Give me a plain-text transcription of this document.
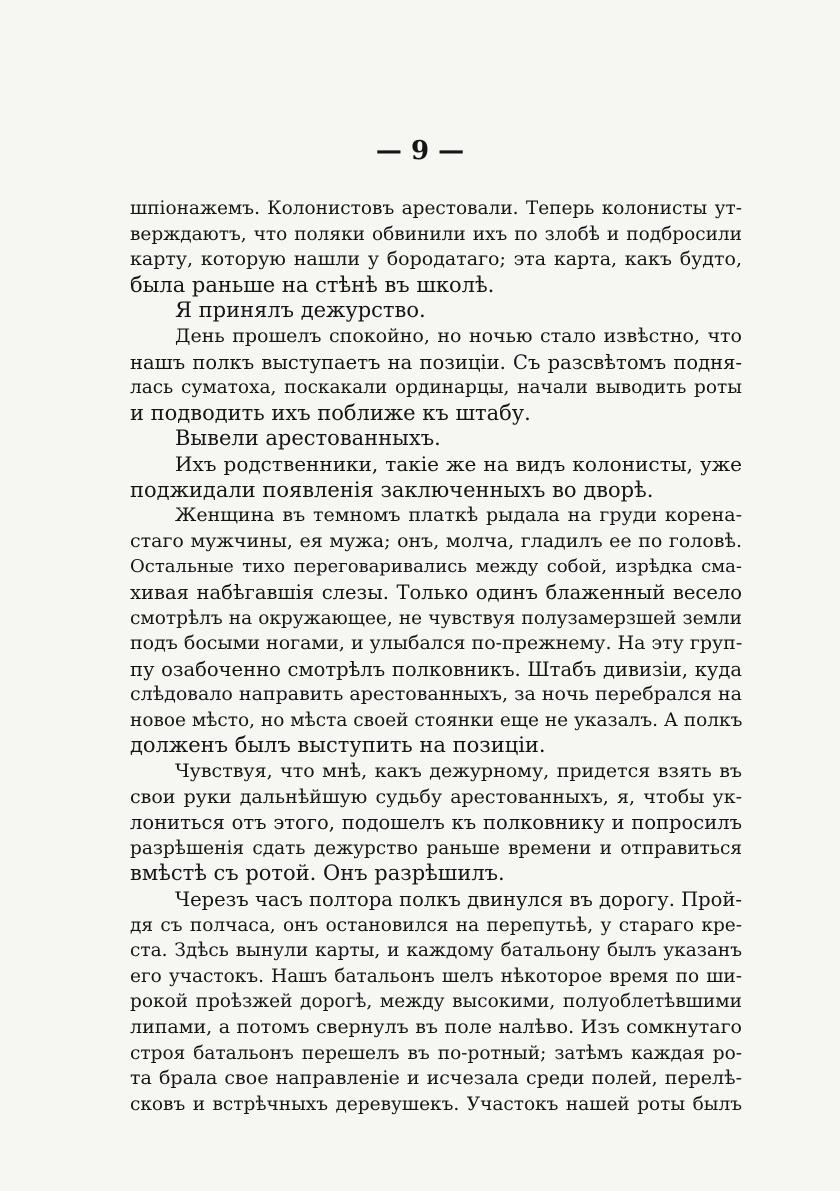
— 9 —
шпіонажемъ. Колонистовъ арестовали. Теперь колонисты ут-
верждаютъ, что поляки обвинили ихъ по злобѣ и подбросили
карту, которую нашли у бородатаго; эта карта, какъ будто,
была раньше на стѣнѣ въ школѣ.
Я принялъ дежурство.
День прошелъ спокойно, но ночью стало извѣстно, что
нашъ полкъ выступаетъ на позиціи. Съ разсвѣтомъ подня-
лась суматоха, поскакали ординарцы, начали выводить роты
и подводить ихъ поближе къ штабу.
Вывели арестованныхъ.
Ихъ родственники, такіе же на видъ колонисты, уже
поджидали появленія заключенныхъ во дворѣ.
Женщина въ темномъ платкѣ рыдала на груди корена-
стаго мужчины, ея мужа; онъ, молча, гладилъ ее по головѣ.
Остальные тихо переговаривались между собой, изрѣдка сма-
хивая набѣгавшія слезы. Только одинъ блаженный весело
смотрѣлъ на окружающее, не чувствуя полузамерзшей земли
подъ босыми ногами, и улыбался по-прежнему. На эту груп-
пу озабоченно смотрѣлъ полковникъ. Штабъ дивизіи, куда
слѣдовало направить арестованныхъ, за ночь перебрался на
новое мѣсто, но мѣста своей стоянки еще не указалъ. А полкъ
долженъ былъ выступить на позиціи.
Чувствуя, что мнѣ, какъ дежурному, придется взять въ
свои руки дальнѣйшую судьбу арестованныхъ, я, чтобы ук-
лониться отъ этого, подошелъ къ полковнику и попросилъ
разрѣшенія сдать дежурство раньше времени и отправиться
вмѣстѣ съ ротой. Онъ разрѣшилъ.
Черезъ часъ полтора полкъ двинулся въ дорогу. Прой-
дя съ полчаса, онъ остановился на перепутьѣ, у стараго кре-
ста. Здѣсь вынули карты, и каждому батальону былъ указанъ
его участокъ. Нашъ батальонъ шелъ нѣкоторое время по ши-
рокой проѣзжей дорогѣ, между высокими, полуоблетѣвшими
липами, а потомъ свернулъ въ поле налѣво. Изъ сомкнутаго
строя батальонъ перешелъ въ по-ротный; затѣмъ каждая ро-
та брала свое направленіе и исчезала среди полей, перелѣ-
сковъ и встрѣчныхъ деревушекъ. Участокъ нашей роты былъ
